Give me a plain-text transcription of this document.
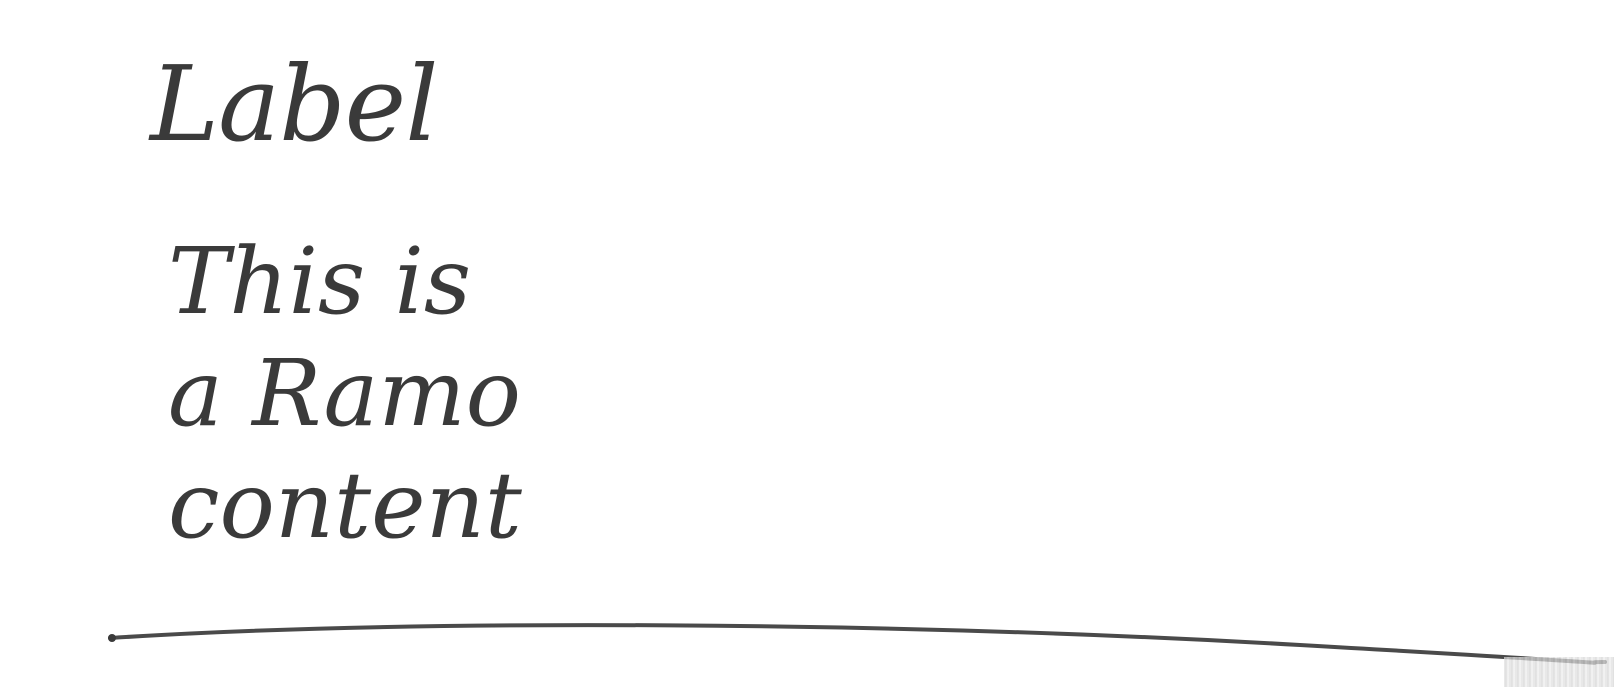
Label

This is
a Ramo
content
